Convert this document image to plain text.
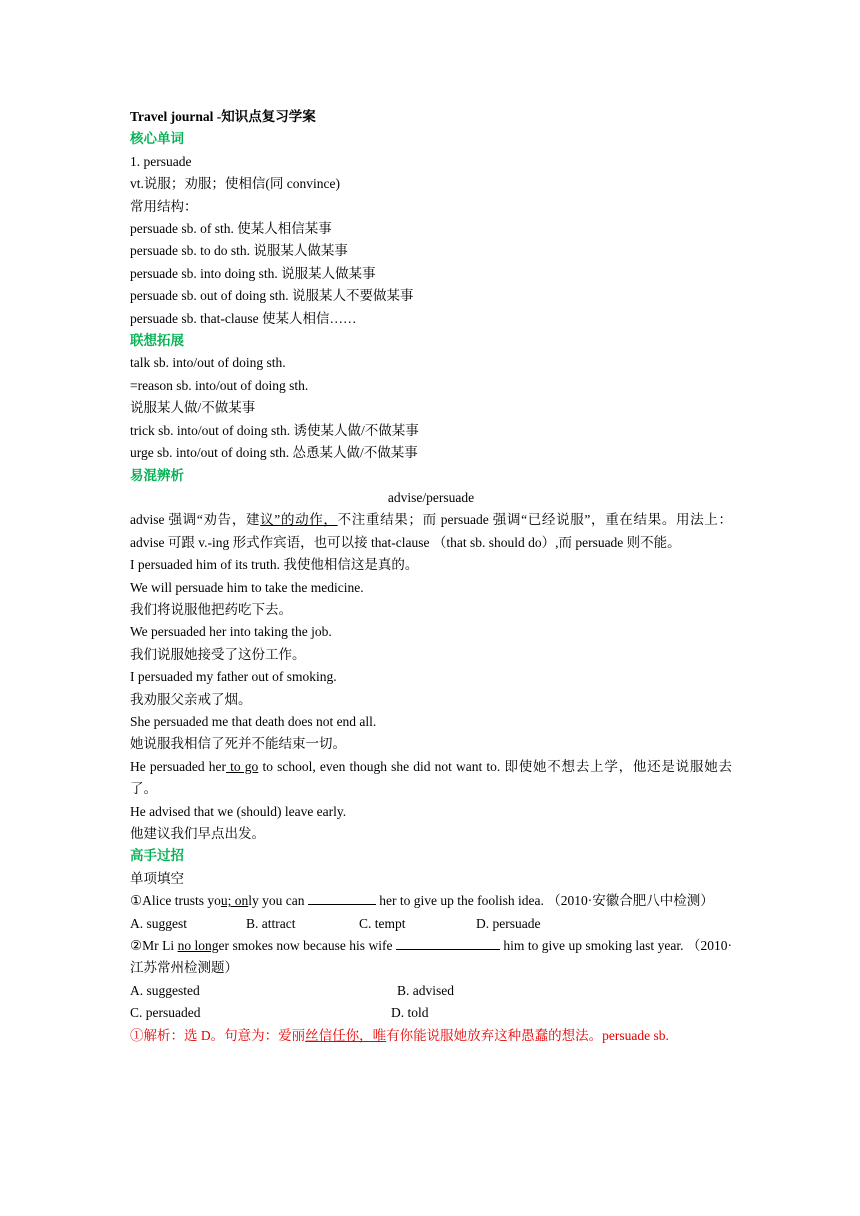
Travel journal -知识点复习学案
核心单词
1. persuade
vt.说服；劝服；使相信(同 convince)
常用结构：
persuade sb. of sth. 使某人相信某事
persuade sb. to do sth. 说服某人做某事
persuade sb. into doing sth. 说服某人做某事
persuade sb. out of doing sth. 说服某人不要做某事
persuade sb. that-clause 使某人相信……
联想拓展
talk sb. into/out of doing sth.
=reason sb. into/out of doing sth.
说服某人做/不做某事
trick sb. into/out of doing sth. 诱使某人做/不做某事
urge sb. into/out of doing sth. 怂恿某人做/不做某事
易混辨析
advise/persuade
advise 强调“劝告，建议”的动作，不注重结果；而 persuade 强调“已经说服”，重在结果。用法上：advise 可跟 v.-ing 形式作宾语，也可以接 that-clause （that sb. should do）,而 persuade 则不能。
I persuaded him of its truth. 我使他相信这是真的。
We will persuade him to take the medicine.
我们将说服他把药吃下去。
We persuaded her into taking the job.
我们说服她接受了这份工作。
I persuaded my father out of smoking.
我劝服父亲戒了烟。
She persuaded me that death does not end all.
她说服我相信了死并不能结束一切。
He persuaded her to go to school, even though she did not want to. 即使她不想去上学，他还是说服她去了。
He advised that we (should) leave early.
他建议我们早点出发。
高手过招
单项填空
①Alice trusts you; only you can	her to give up the foolish idea. （2010·安徽合肥八中检测）
A. suggest	B. attract	C. tempt	D. persuade
②Mr Li no longer smokes now because his wife	him to give up smoking last year. （2010·江苏常州检测题）
A. suggested	B. advised
C. persuaded	D. told
①解析：选 D。句意为：爱丽丝信任你，唯有你能说服她放弃这种愚蠢的想法。persuade sb.
